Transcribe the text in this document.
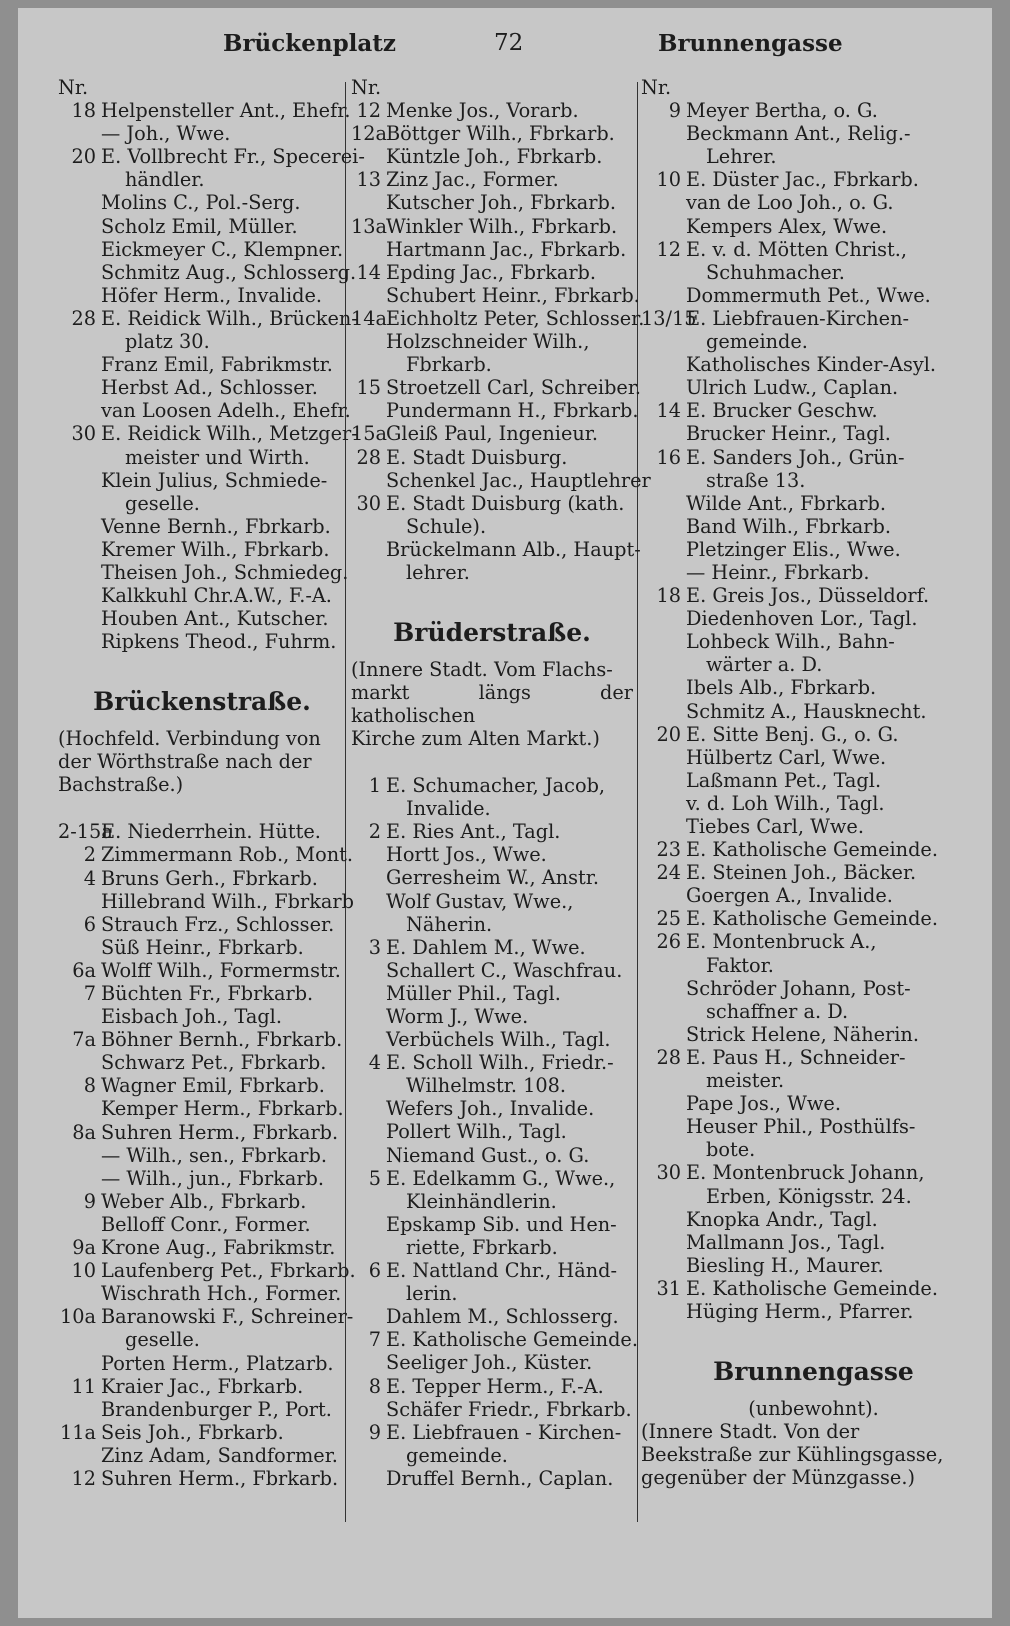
Brückenplatz	72	Brunnengasse
Nr.
18 Helpensteller Ant., Ehefr.
— Joh., Wwe.
20 E. Vollbrecht Fr., Specerei-
händler.
Molins C., Pol.-Serg.
Scholz Emil, Müller.
Eickmeyer C., Klempner.
Schmitz Aug., Schlosserg.
Höfer Herm., Invalide.
28 E. Reidick Wilh., Brücken-
platz 30.
Franz Emil, Fabrikmstr.
Herbst Ad., Schlosser.
van Loosen Adelh., Ehefr.
30 E. Reidick Wilh., Metzger-
meister und Wirth.
Klein Julius, Schmiede-
geselle.
Venne Bernh., Fbrkarb.
Kremer Wilh., Fbrkarb.
Theisen Joh., Schmiedeg.
Kalkkuhl Chr.A.W., F.-A.
Houben Ant., Kutscher.
Ripkens Theod., Fuhrm.
Brückenstraße.
(Hochfeld. Verbindung von
der Wörthstraße nach der
Bachstraße.)
2-15aE. Niederrhein. Hütte.
2 Zimmermann Rob., Mont.
4 Bruns Gerh., Fbrkarb.
Hillebrand Wilh., Fbrkarb
6 Strauch Frz., Schlosser.
Süß Heinr., Fbrkarb.
6a Wolff Wilh., Formermstr.
7 Büchten Fr., Fbrkarb.
Eisbach Joh., Tagl.
7a Böhner Bernh., Fbrkarb.
Schwarz Pet., Fbrkarb.
8 Wagner Emil, Fbrkarb.
Kemper Herm., Fbrkarb.
8a Suhren Herm., Fbrkarb.
— Wilh., sen., Fbrkarb.
— Wilh., jun., Fbrkarb.
9 Weber Alb., Fbrkarb.
Belloff Conr., Former.
9a Krone Aug., Fabrikmstr.
10 Laufenberg Pet., Fbrkarb.
Wischrath Hch., Former.
10a Baranowski F., Schreiner-
geselle.
Porten Herm., Platzarb.
11 Kraier Jac., Fbrkarb.
Brandenburger P., Port.
11a Seis Joh., Fbrkarb.
Zinz Adam, Sandformer.
12 Suhren Herm., Fbrkarb.
Nr.
12 Menke Jos., Vorarb.
12aBöttger Wilh., Fbrkarb.
Küntzle Joh., Fbrkarb.
13 Zinz Jac., Former.
Kutscher Joh., Fbrkarb.
13aWinkler Wilh., Fbrkarb.
Hartmann Jac., Fbrkarb.
14 Epding Jac., Fbrkarb.
Schubert Heinr., Fbrkarb.
14aEichholtz Peter, Schlosser.
Holzschneider Wilh.,
Fbrkarb.
15 Stroetzell Carl, Schreiber.
Pundermann H., Fbrkarb.
15aGleiß Paul, Ingenieur.
28 E. Stadt Duisburg.
Schenkel Jac., Hauptlehrer
30 E. Stadt Duisburg (kath.
Schule).
Brückelmann Alb., Haupt-
lehrer.
Brüderstraße.
(Innere Stadt. Vom Flachs-
markt längs der katholischen
Kirche zum Alten Markt.)
1 E. Schumacher, Jacob,
Invalide.
2 E. Ries Ant., Tagl.
Hortt Jos., Wwe.
Gerresheim W., Anstr.
Wolf Gustav, Wwe.,
Näherin.
3 E. Dahlem M., Wwe.
Schallert C., Waschfrau.
Müller Phil., Tagl.
Worm J., Wwe.
Verbüchels Wilh., Tagl.
4 E. Scholl Wilh., Friedr.-
Wilhelmstr. 108.
Wefers Joh., Invalide.
Pollert Wilh., Tagl.
Niemand Gust., o. G.
5 E. Edelkamm G., Wwe.,
Kleinhändlerin.
Epskamp Sib. und Hen-
riette, Fbrkarb.
6 E. Nattland Chr., Händ-
lerin.
Dahlem M., Schlosserg.
7 E. Katholische Gemeinde.
Seeliger Joh., Küster.
8 E. Tepper Herm., F.-A.
Schäfer Friedr., Fbrkarb.
9 E. Liebfrauen - Kirchen-
gemeinde.
Druffel Bernh., Caplan.
Nr.
9 Meyer Bertha, o. G.
Beckmann Ant., Relig.-
Lehrer.
10 E. Düster Jac., Fbrkarb.
van de Loo Joh., o. G.
Kempers Alex, Wwe.
12 E. v. d. Mötten Christ.,
Schuhmacher.
Dommermuth Pet., Wwe.
13/15E. Liebfrauen-Kirchen-
gemeinde.
Katholisches Kinder-Asyl.
Ulrich Ludw., Caplan.
14 E. Brucker Geschw.
Brucker Heinr., Tagl.
16 E. Sanders Joh., Grün-
straße 13.
Wilde Ant., Fbrkarb.
Band Wilh., Fbrkarb.
Pletzinger Elis., Wwe.
— Heinr., Fbrkarb.
18 E. Greis Jos., Düsseldorf.
Diedenhoven Lor., Tagl.
Lohbeck Wilh., Bahn-
wärter a. D.
Ibels Alb., Fbrkarb.
Schmitz A., Hausknecht.
20 E. Sitte Benj. G., o. G.
Hülbertz Carl, Wwe.
Laßmann Pet., Tagl.
v. d. Loh Wilh., Tagl.
Tiebes Carl, Wwe.
23 E. Katholische Gemeinde.
24 E. Steinen Joh., Bäcker.
Goergen A., Invalide.
25 E. Katholische Gemeinde.
26 E. Montenbruck A.,
Faktor.
Schröder Johann, Post-
schaffner a. D.
Strick Helene, Näherin.
28 E. Paus H., Schneider-
meister.
Pape Jos., Wwe.
Heuser Phil., Posthülfs-
bote.
30 E. Montenbruck Johann,
Erben, Königsstr. 24.
Knopka Andr., Tagl.
Mallmann Jos., Tagl.
Biesling H., Maurer.
31 E. Katholische Gemeinde.
Hüging Herm., Pfarrer.
Brunnengasse
(unbewohnt).
(Innere Stadt. Von der
Beekstraße zur Kühlingsgasse,
gegenüber der Münzgasse.)
